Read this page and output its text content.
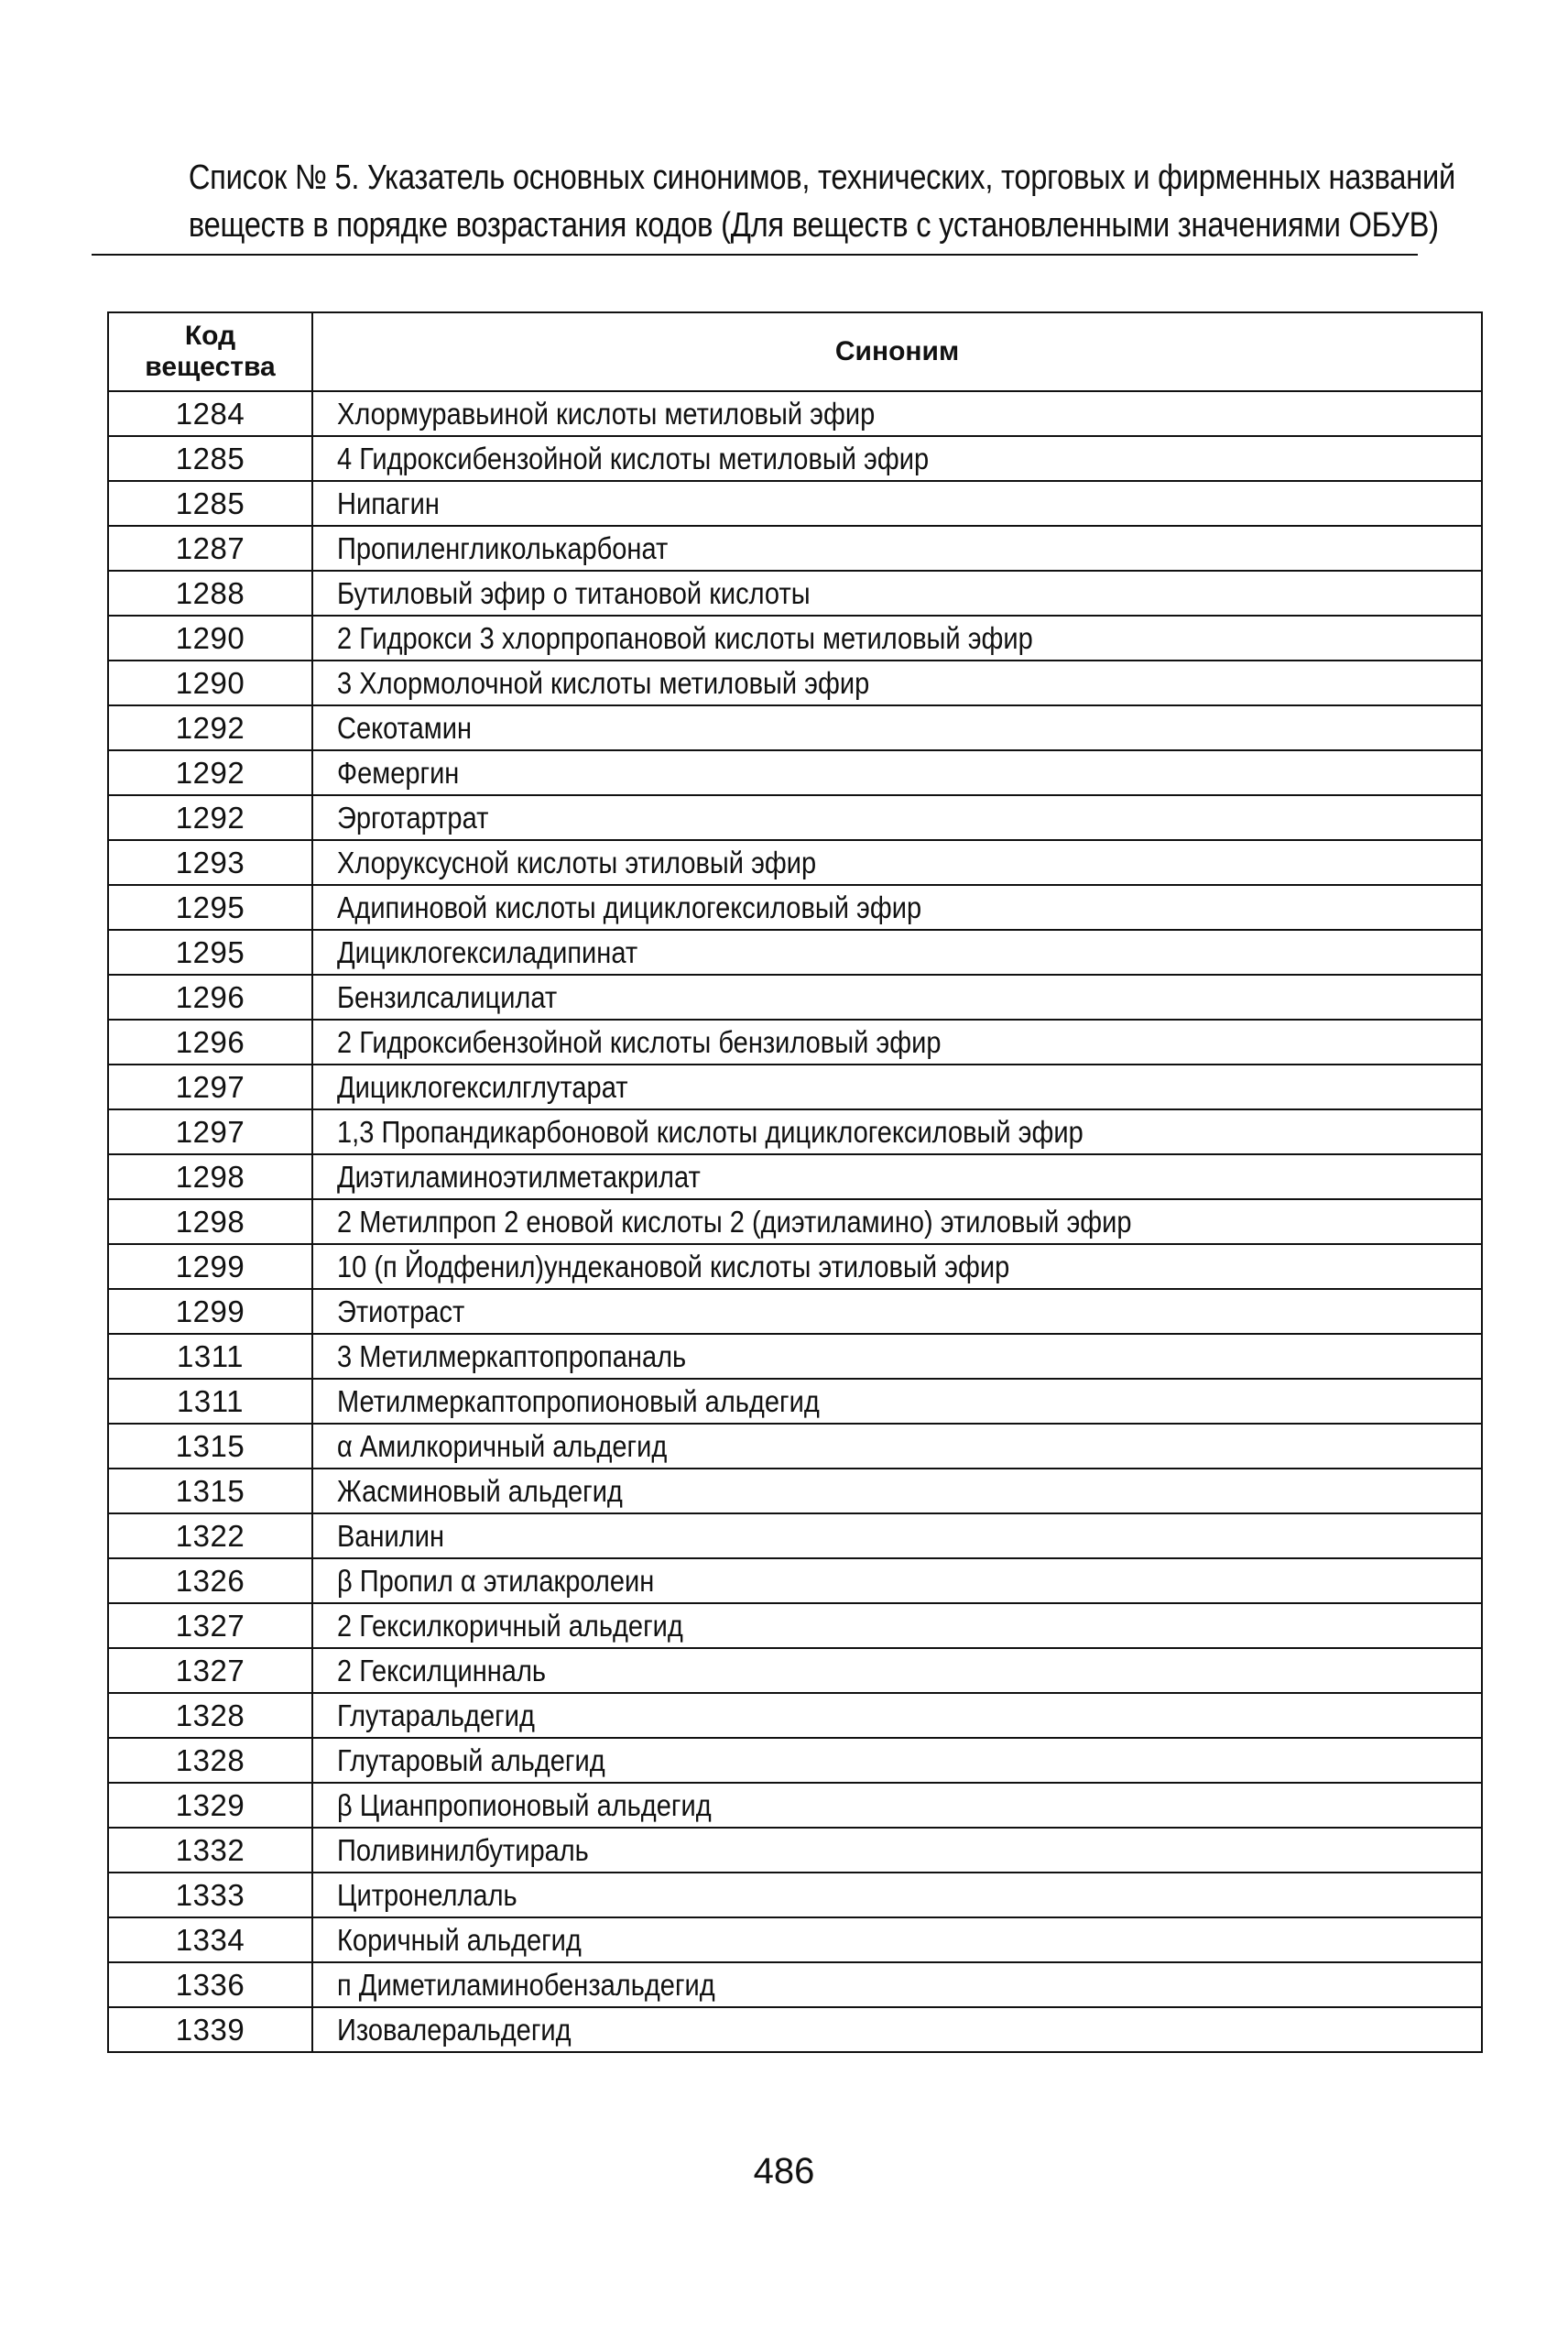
Список № 5. Указатель основных синонимов, технических, торговых и фирменных названий
веществ в порядке возрастания кодов (Для веществ с установленными значениями ОБУВ)
Код
вещества	Синоним
1284	Хлормуравьиной кислоты метиловый эфир
1285	4 Гидроксибензойной кислоты метиловый эфир
1285	Нипагин
1287	Пропиленгликолькарбонат
1288	Бутиловый эфир о титановой кислоты
1290	2 Гидрокси 3 хлорпропановой кислоты метиловый эфир
1290	3 Хлормолочной кислоты метиловый эфир
1292	Секотамин
1292	Фемергин
1292	Эрготартрат
1293	Хлоруксусной кислоты этиловый эфир
1295	Адипиновой кислоты дициклогексиловый эфир
1295	Дициклогексиладипинат
1296	Бензилсалицилат
1296	2 Гидроксибензойной кислоты бензиловый эфир
1297	Дициклогексилглутарат
1297	1,3 Пропандикарбоновой кислоты дициклогексиловый эфир
1298	Диэтиламиноэтилметакрилат
1298	2 Метилпроп 2 еновой кислоты 2 (диэтиламино) этиловый эфир
1299	10 (п Йодфенил)ундекановой кислоты этиловый эфир
1299	Этиотраст
1311	3 Метилмеркаптопропаналь
1311	Метилмеркаптопропионовый альдегид
1315	α Амилкоричный альдегид
1315	Жасминовый альдегид
1322	Ванилин
1326	β Пропил α этилакролеин
1327	2 Гексилкоричный альдегид
1327	2 Гексилцинналь
1328	Глутаральдегид
1328	Глутаровый альдегид
1329	β Цианпропионовый альдегид
1332	Поливинилбутираль
1333	Цитронеллаль
1334	Коричный альдегид
1336	п Диметиламинобензальдегид
1339	Изовалеральдегид
486
